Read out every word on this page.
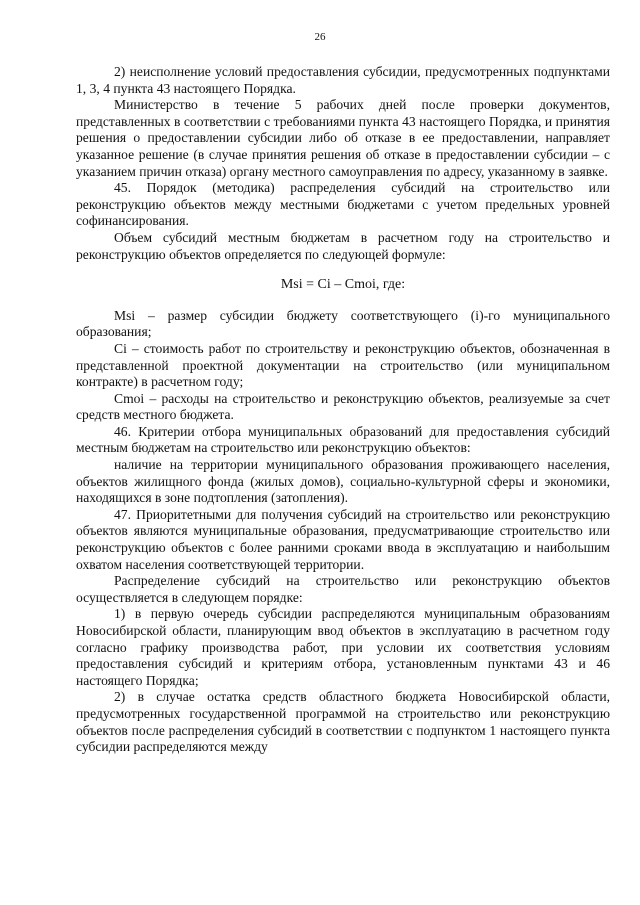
26

2) неисполнение условий предоставления субсидии, предусмотренных подпунктами 1, 3, 4 пункта 43 настоящего Порядка.

Министерство в течение 5 рабочих дней после проверки документов, представленных в соответствии с требованиями пункта 43 настоящего Порядка, и принятия решения о предоставлении субсидии либо об отказе в ее предоставлении, направляет указанное решение (в случае принятия решения об отказе в предоставлении субсидии – с указанием причин отказа) органу местного самоуправления по адресу, указанному в заявке.

45. Порядок (методика) распределения субсидий на строительство или реконструкцию объектов между местными бюджетами с учетом предельных уровней софинансирования.

Объем субсидий местным бюджетам в расчетном году на строительство и реконструкцию объектов определяется по следующей формуле:

Msi = Ci – Cmoi, где:

Msi – размер субсидии бюджету соответствующего (i)-го муниципального образования;

Ci – стоимость работ по строительству и реконструкцию объектов, обозначенная в представленной проектной документации на строительство (или муниципальном контракте) в расчетном году;

Cmoi – расходы на строительство и реконструкцию объектов, реализуемые за счет средств местного бюджета.

46. Критерии отбора муниципальных образований для предоставления субсидий местным бюджетам на строительство или реконструкцию объектов:

наличие на территории муниципального образования проживающего населения, объектов жилищного фонда (жилых домов), социально-культурной сферы и экономики, находящихся в зоне подтопления (затопления).

47. Приоритетными для получения субсидий на строительство или реконструкцию объектов являются муниципальные образования, предусматривающие строительство или реконструкцию объектов с более ранними сроками ввода в эксплуатацию и наибольшим охватом населения соответствующей территории.

Распределение субсидий на строительство или реконструкцию объектов осуществляется в следующем порядке:

1) в первую очередь субсидии распределяются муниципальным образованиям Новосибирской области, планирующим ввод объектов в эксплуатацию в расчетном году согласно графику производства работ, при условии их соответствия условиям предоставления субсидий и критериям отбора, установленным пунктами 43 и 46 настоящего Порядка;

2) в случае остатка средств областного бюджета Новосибирской области, предусмотренных государственной программой на строительство или реконструкцию объектов после распределения субсидий в соответствии с подпунктом 1 настоящего пункта субсидии распределяются между
